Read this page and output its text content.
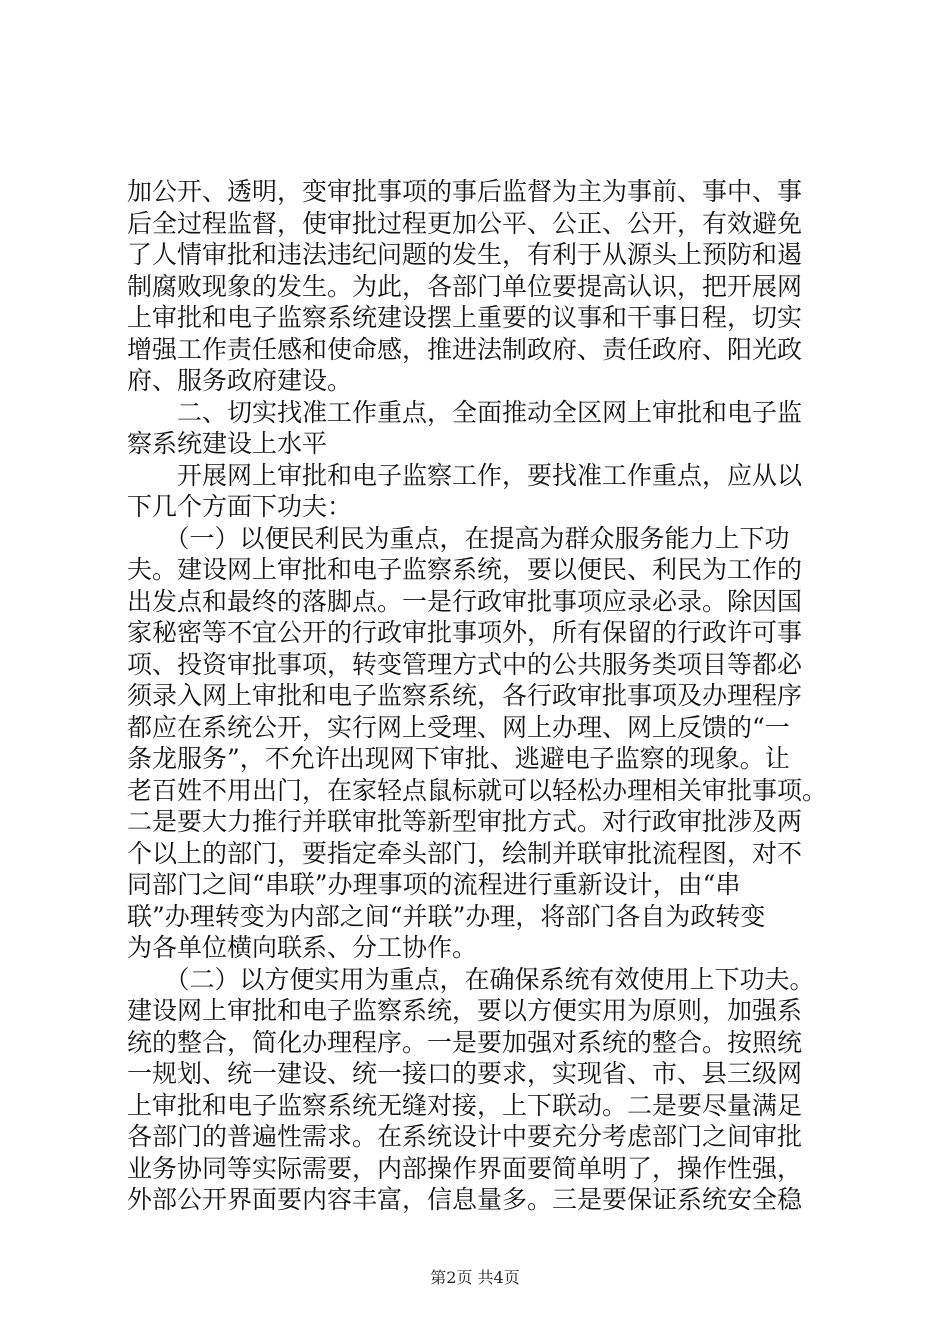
加公开、透明，变审批事项的事后监督为主为事前、事中、事
后全过程监督，使审批过程更加公平、公正、公开，有效避免
了人情审批和违法违纪问题的发生，有利于从源头上预防和遏
制腐败现象的发生。为此，各部门单位要提高认识，把开展网
上审批和电子监察系统建设摆上重要的议事和干事日程，切实
增强工作责任感和使命感，推进法制政府、责任政府、阳光政
府、服务政府建设。
　　二、切实找准工作重点，全面推动全区网上审批和电子监
察系统建设上水平
　　开展网上审批和电子监察工作，要找准工作重点，应从以
下几个方面下功夫：
　　（一）以便民利民为重点，在提高为群众服务能力上下功
夫。建设网上审批和电子监察系统，要以便民、利民为工作的
出发点和最终的落脚点。一是行政审批事项应录必录。除因国
家秘密等不宜公开的行政审批事项外，所有保留的行政许可事
项、投资审批事项，转变管理方式中的公共服务类项目等都必
须录入网上审批和电子监察系统，各行政审批事项及办理程序
都应在系统公开，实行网上受理、网上办理、网上反馈的“一
条龙服务”，不允许出现网下审批、逃避电子监察的现象。让
老百姓不用出门，在家轻点鼠标就可以轻松办理相关审批事项。
二是要大力推行并联审批等新型审批方式。对行政审批涉及两
个以上的部门，要指定牵头部门，绘制并联审批流程图，对不
同部门之间“串联”办理事项的流程进行重新设计，由“串
联”办理转变为内部之间“并联”办理，将部门各自为政转变
为各单位横向联系、分工协作。
　　（二）以方便实用为重点，在确保系统有效使用上下功夫。
建设网上审批和电子监察系统，要以方便实用为原则，加强系
统的整合，简化办理程序。一是要加强对系统的整合。按照统
一规划、统一建设、统一接口的要求，实现省、市、县三级网
上审批和电子监察系统无缝对接，上下联动。二是要尽量满足
各部门的普遍性需求。在系统设计中要充分考虑部门之间审批
业务协同等实际需要，内部操作界面要简单明了，操作性强，
外部公开界面要内容丰富，信息量多。三是要保证系统安全稳
第2页 共4页
